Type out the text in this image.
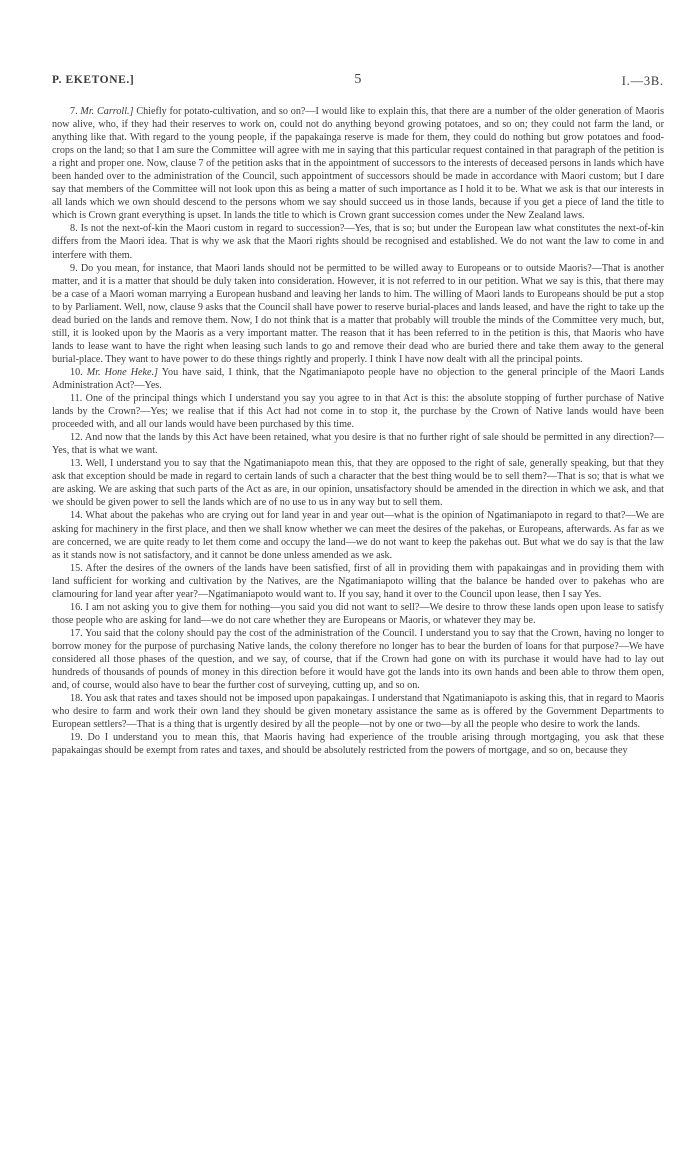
P. EKETONE.]	5	I.—3B.

7. Mr. Carroll.] Chiefly for potato-cultivation, and so on?—I would like to explain this, that there are a number of the older generation of Maoris now alive, who, if they had their reserves to work on, could not do anything beyond growing potatoes, and so on; they could not farm the land, or anything like that. With regard to the young people, if the papakainga reserve is made for them, they could do nothing but grow potatoes and food-crops on the land; so that I am sure the Committee will agree with me in saying that this particular request contained in that paragraph of the petition is a right and proper one. Now, clause 7 of the petition asks that in the appointment of successors to the interests of deceased persons in lands which have been handed over to the administration of the Council, such appointment of successors should be made in accordance with Maori custom; but I dare say that members of the Committee will not look upon this as being a matter of such importance as I hold it to be. What we ask is that our interests in all lands which we own should descend to the persons whom we say should succeed us in those lands, because if you get a piece of land the title to which is Crown grant everything is upset. In lands the title to which is Crown grant succession comes under the New Zealand laws.

8. Is not the next-of-kin the Maori custom in regard to succession?—Yes, that is so; but under the European law what constitutes the next-of-kin differs from the Maori idea. That is why we ask that the Maori rights should be recognised and established. We do not want the law to come in and interfere with them.

9. Do you mean, for instance, that Maori lands should not be permitted to be willed away to Europeans or to outside Maoris?—That is another matter, and it is a matter that should be duly taken into consideration. However, it is not referred to in our petition. What we say is this, that there may be a case of a Maori woman marrying a European husband and leaving her lands to him. The willing of Maori lands to Europeans should be put a stop to by Parliament. Well, now, clause 9 asks that the Council shall have power to reserve burial-places and lands leased, and have the right to take up the dead buried on the lands and remove them. Now, I do not think that is a matter that probably will trouble the minds of the Committee very much, but, still, it is looked upon by the Maoris as a very important matter. The reason that it has been referred to in the petition is this, that Maoris who have lands to lease want to have the right when leasing such lands to go and remove their dead who are buried there and take them away to the general burial-place. They want to have power to do these things rightly and properly. I think I have now dealt with all the principal points.

10. Mr. Hone Heke.] You have said, I think, that the Ngatimaniapoto people have no objection to the general principle of the Maori Lands Administration Act?—Yes.

11. One of the principal things which I understand you say you agree to in that Act is this: the absolute stopping of further purchase of Native lands by the Crown?—Yes; we realise that if this Act had not come in to stop it, the purchase by the Crown of Native lands would have been proceeded with, and all our lands would have been purchased by this time.

12. And now that the lands by this Act have been retained, what you desire is that no further right of sale should be permitted in any direction?—Yes, that is what we want.

13. Well, I understand you to say that the Ngatimaniapoto mean this, that they are opposed to the right of sale, generally speaking, but that they ask that exception should be made in regard to certain lands of such a character that the best thing would be to sell them?—That is so; that is what we are asking. We are asking that such parts of the Act as are, in our opinion, unsatisfactory should be amended in the direction in which we ask, and that we should be given power to sell the lands which are of no use to us in any way but to sell them.

14. What about the pakehas who are crying out for land year in and year out—what is the opinion of Ngatimaniapoto in regard to that?—We are asking for machinery in the first place, and then we shall know whether we can meet the desires of the pakehas, or Europeans, afterwards. As far as we are concerned, we are quite ready to let them come and occupy the land—we do not want to keep the pakehas out. But what we do say is that the law as it stands now is not satisfactory, and it cannot be done unless amended as we ask.

15. After the desires of the owners of the lands have been satisfied, first of all in providing them with papakaingas and in providing them with land sufficient for working and cultivation by the Natives, are the Ngatimaniapoto willing that the balance be handed over to pakehas who are clamouring for land year after year?—Ngatimaniapoto would want to. If you say, hand it over to the Council upon lease, then I say Yes.

16. I am not asking you to give them for nothing—you said you did not want to sell?—We desire to throw these lands open upon lease to satisfy those people who are asking for land—we do not care whether they are Europeans or Maoris, or whatever they may be.

17. You said that the colony should pay the cost of the administration of the Council. I understand you to say that the Crown, having no longer to borrow money for the purpose of purchasing Native lands, the colony therefore no longer has to bear the burden of loans for that purpose?—We have considered all those phases of the question, and we say, of course, that if the Crown had gone on with its purchase it would have had to lay out hundreds of thousands of pounds of money in this direction before it would have got the lands into its own hands and been able to throw them open, and, of course, would also have to bear the further cost of surveying, cutting up, and so on.

18. You ask that rates and taxes should not be imposed upon papakaingas. I understand that Ngatimaniapoto is asking this, that in regard to Maoris who desire to farm and work their own land they should be given monetary assistance the same as is offered by the Government Departments to European settlers?—That is a thing that is urgently desired by all the people—not by one or two—by all the people who desire to work the lands.

19. Do I understand you to mean this, that Maoris having had experience of the trouble arising through mortgaging, you ask that these papakaingas should be exempt from rates and taxes, and should be absolutely restricted from the powers of mortgage, and so on, because they
